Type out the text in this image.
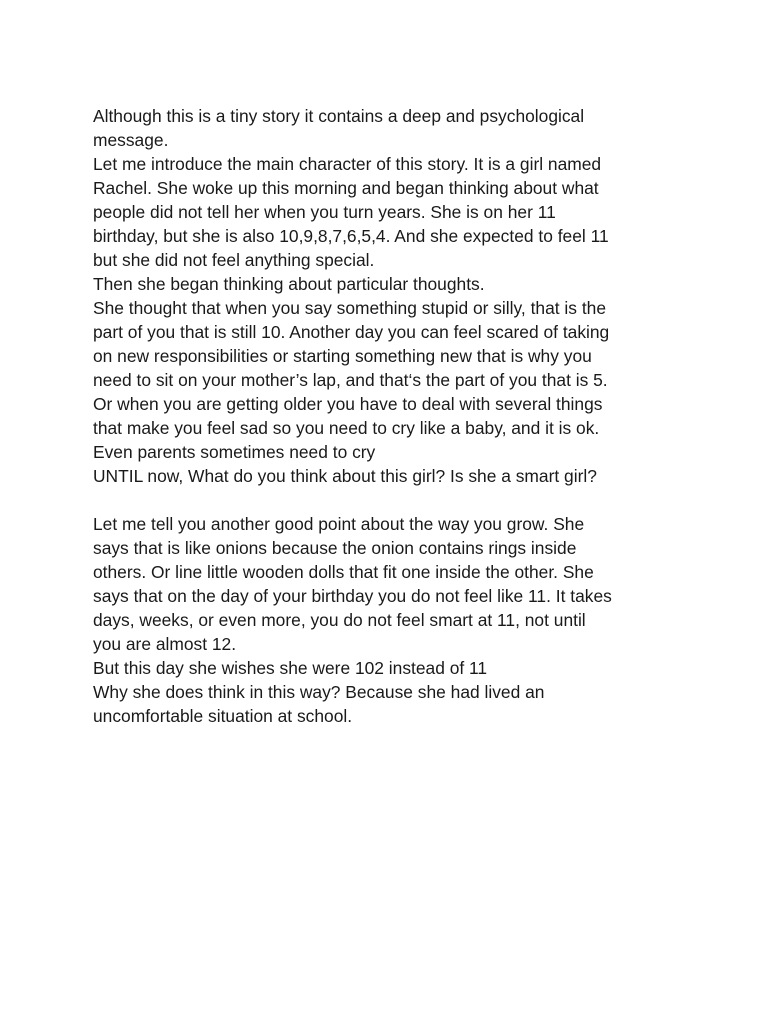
Although this is a tiny story it contains a deep and psychological
message.
Let me introduce the main character of this story. It is a girl named
Rachel. She woke up this morning and began thinking about what
people did not tell her when you turn years. She is on her 11
birthday, but she is also 10,9,8,7,6,5,4. And she expected to feel 11
but she did not feel anything special.
Then she began thinking about particular thoughts.
She thought that when you say something stupid or silly, that is the
part of you that is still 10. Another day you can feel scared of taking
on new responsibilities or starting something new that is why you
need to sit on your mother’s lap, and that‘s the part of you that is 5.
Or when you are getting older you have to deal with several things
that make you feel sad so you need to cry like a baby, and it is ok.
Even parents sometimes need to cry
UNTIL now, What do you think about this girl? Is she a smart girl?
Let me tell you another good point about the way you grow. She
says that is like onions because the onion contains rings inside
others. Or line little wooden dolls that fit one inside the other. She
says that on the day of your birthday you do not feel like 11. It takes
days, weeks, or even more, you do not feel smart at 11, not until
you are almost 12.
But this day she wishes she were 102 instead of 11
Why she does think in this way? Because she had lived an
uncomfortable situation at school.
